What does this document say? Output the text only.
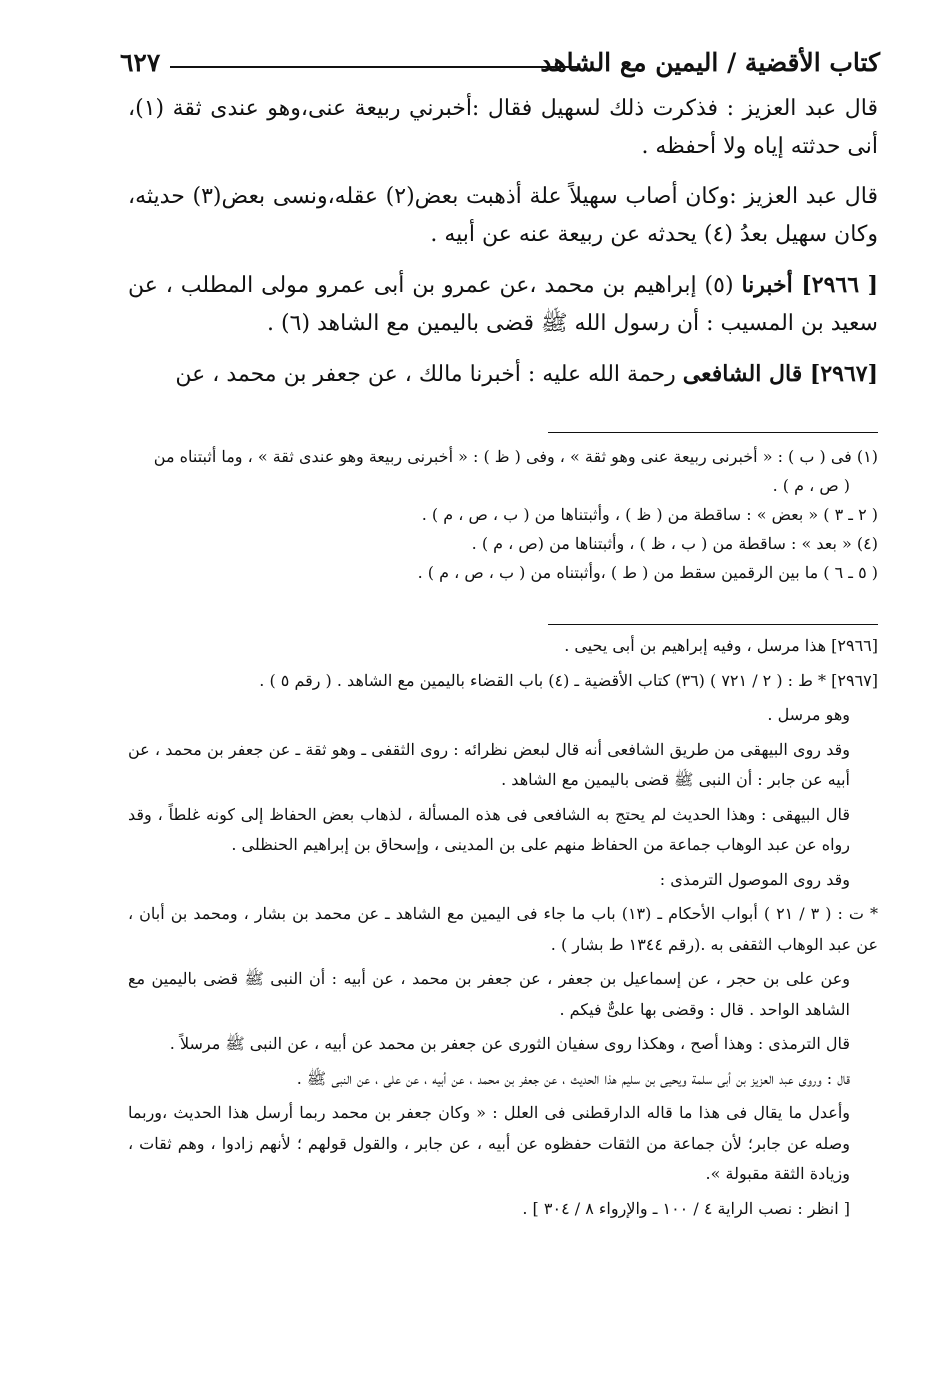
كتاب الأقضية / اليمين مع الشاهد
٦٢٧

قال عبد العزيز : فذكرت ذلك لسهيل فقال :أخبرني ربيعة عنى،وهو عندى ثقة (١)، أنى حدثته إياه ولا أحفظه .

قال عبد العزيز :وكان أصاب سهيلاً علة أذهبت بعض(٢) عقله،ونسى بعض(٣) حديثه، وكان سهيل بعدُ (٤) يحدثه عن ربيعة عنه عن أبيه .

[ ٢٩٦٦] أخبرنا (٥) إبراهيم بن محمد ،عن عمرو بن أبى عمرو مولى المطلب ، عن سعيد بن المسيب : أن رسول الله ﷺ قضى باليمين مع الشاهد (٦) .

[٢٩٦٧] قال الشافعى رحمة الله عليه : أخبرنا مالك ، عن جعفر بن محمد ، عن

(١) فى ( ب ) : « أخبرنى ربيعة عنى وهو ثقة » ، وفى ( ظ ) : « أخبرنى ربيعة وهو عندى ثقة » ، وما أثبتناه من
( ص ، م ) .
( ٢ ـ ٣ ) « بعض » : ساقطة من ( ظ ) ، وأثبتناها من ( ب ، ص ، م ) .
(٤) « بعد » : ساقطة من ( ب ، ظ ) ، وأثبتناها من (ص ، م ) .
( ٥ ـ ٦ ) ما بين الرقمين سقط من ( ط ) ،وأثبتناه من ( ب ، ص ، م ) .

[٢٩٦٦] هذا مرسل ، وفيه إبراهيم بن أبى يحيى .

[٢٩٦٧] * ط : ( ٢ / ٧٢١ ) (٣٦) كتاب الأقضية ـ (٤) باب القضاء باليمين مع الشاهد . ( رقم ٥ ) .

وهو مرسل .

وقد روى البيهقى من طريق الشافعى أنه قال لبعض نظرائه : روى الثقفى ـ وهو ثقة ـ عن جعفر بن محمد ، عن أبيه عن جابر : أن النبى ﷺ قضى باليمين مع الشاهد .

قال البيهقى : وهذا الحديث لم يحتج به الشافعى فى هذه المسألة ، لذهاب بعض الحفاظ إلى كونه غلطاً ، وقد رواه عن عبد الوهاب جماعة من الحفاظ منهم على بن المدينى ، وإسحاق بن إبراهيم الحنظلى .

وقد روى الموصول الترمذى :

* ت : ( ٣ / ٢١ ) أبواب الأحكام ـ (١٣) باب ما جاء فى اليمين مع الشاهد ـ عن محمد بن بشار ، ومحمد بن أبان ، عن عبد الوهاب الثقفى به .(رقم ١٣٤٤ ط بشار ) .

وعن على بن حجر ، عن إسماعيل بن جعفر ، عن جعفر بن محمد ، عن أبيه : أن النبى ﷺ قضى باليمين مع الشاهد الواحد . قال : وقضى بها علىٌّ فيكم .

قال الترمذى : وهذا أصح ، وهكذا روى سفيان الثورى عن جعفر بن محمد عن أبيه ، عن النبى ﷺ مرسلاً .

قال : وروى عبد العزيز بن أبى سلمة ويحيى بن سليم هذا الحديث ، عن جعفر بن محمد ، عن أبيه ، عن على ، عن النبى ﷺ .

وأعدل ما يقال فى هذا ما قاله الدارقطنى فى العلل : « وكان جعفر بن محمد ربما أرسل هذا الحديث ،وربما وصله عن جابر؛ لأن جماعة من الثقات حفظوه عن أبيه ، عن جابر ، والقول قولهم ؛ لأنهم زادوا ، وهم ثقات ، وزيادة الثقة مقبولة ».

[ انظر : نصب الراية ٤ / ١٠٠ ـ والإرواء ٨ / ٣٠٤ ] .
